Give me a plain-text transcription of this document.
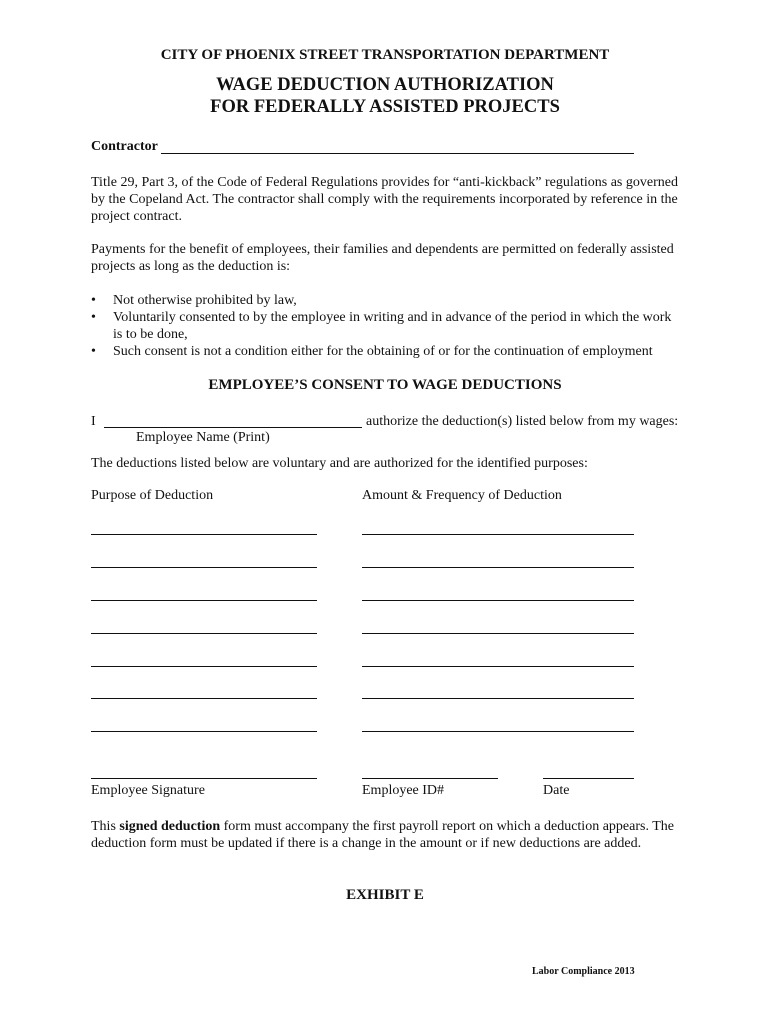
CITY OF PHOENIX STREET TRANSPORTATION DEPARTMENT
WAGE DEDUCTION AUTHORIZATION
FOR FEDERALLY ASSISTED PROJECTS
Contractor
Title 29, Part 3, of the Code of Federal Regulations provides for “anti-kickback” regulations as governed by the Copeland Act. The contractor shall comply with the requirements incorporated by reference in the project contract.
Payments for the benefit of employees, their families and dependents are permitted on federally assisted projects as long as the deduction is:
• Not otherwise prohibited by law,
• Voluntarily consented to by the employee in writing and in advance of the period in which the work is to be done,
• Such consent is not a condition either for the obtaining of or for the continuation of employment
EMPLOYEE’S CONSENT TO WAGE DEDUCTIONS
I	authorize the deduction(s) listed below from my wages:
Employee Name (Print)
The deductions listed below are voluntary and are authorized for the identified purposes:
Purpose of Deduction	Amount & Frequency of Deduction
Employee Signature	Employee ID#	Date
This signed deduction form must accompany the first payroll report on which a deduction appears. The deduction form must be updated if there is a change in the amount or if new deductions are added.
EXHIBIT E
Labor Compliance 2013
